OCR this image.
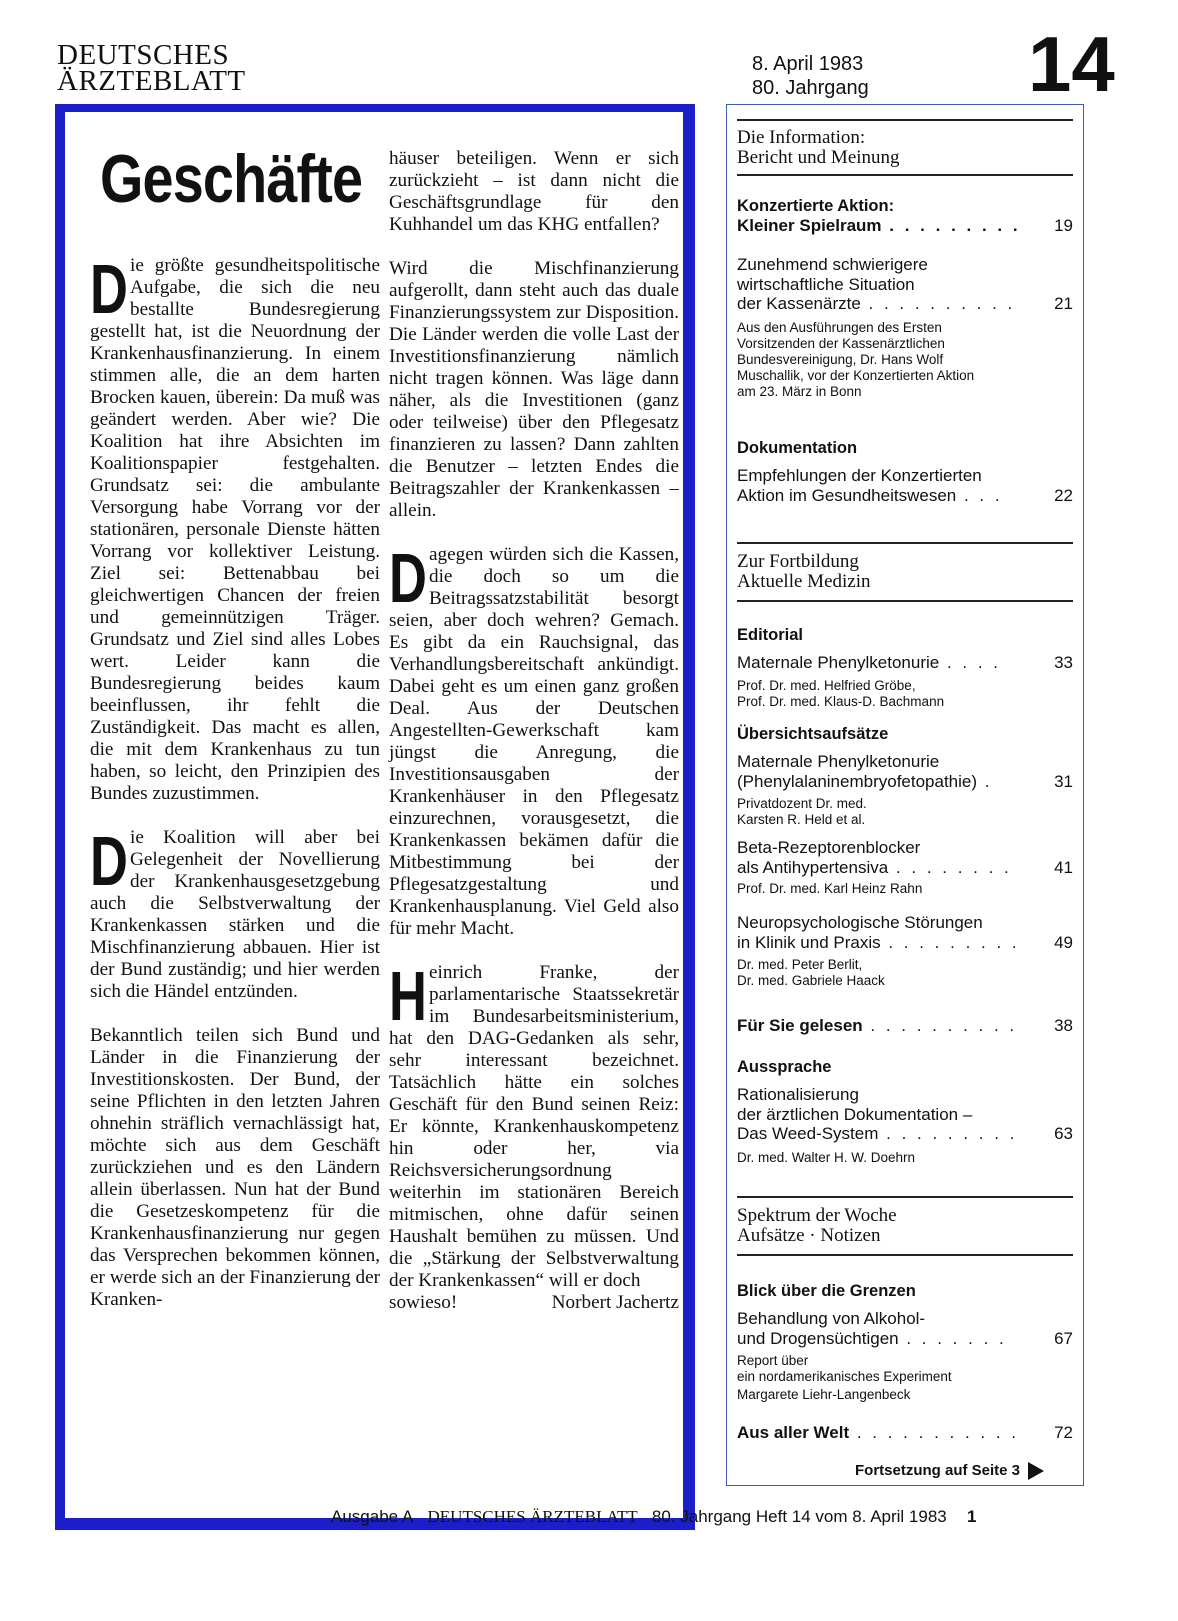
DEUTSCHES
ÄRZTEBLATT
8. April 1983
80. Jahrgang 14
Geschäfte

Die größte gesundheitspolitische Aufgabe, die sich die neu bestallte Bundesregierung gestellt hat, ist die Neuordnung der Krankenhausfinanzierung. In einem stimmen alle, die an dem harten Brocken kauen, überein: Da muß was geändert werden. Aber wie? Die Koalition hat ihre Absichten im Koalitionspapier festgehalten. Grundsatz sei: die ambulante Versorgung habe Vorrang vor der stationären, personale Dienste hätten Vorrang vor kollektiver Leistung. Ziel sei: Bettenabbau bei gleichwertigen Chancen der freien und gemeinnützigen Träger. Grundsatz und Ziel sind alles Lobes wert. Leider kann die Bundesregierung beides kaum beeinflussen, ihr fehlt die Zuständigkeit. Das macht es allen, die mit dem Krankenhaus zu tun haben, so leicht, den Prinzipien des Bundes zuzustimmen.

Die Koalition will aber bei Gelegenheit der Novellierung der Krankenhausgesetzgebung auch die Selbstverwaltung der Krankenkassen stärken und die Mischfinanzierung abbauen. Hier ist der Bund zuständig; und hier werden sich die Händel entzünden.

Bekanntlich teilen sich Bund und Länder in die Finanzierung der Investitionskosten. Der Bund, der seine Pflichten in den letzten Jahren ohnehin sträflich vernachlässigt hat, möchte sich aus dem Geschäft zurückziehen und es den Ländern allein überlassen. Nun hat der Bund die Gesetzeskompetenz für die Krankenhausfinanzierung nur gegen das Versprechen bekommen können, er werde sich an der Finanzierung der Kranken-

häuser beteiligen. Wenn er sich zurückzieht – ist dann nicht die Geschäftsgrundlage für den Kuhhandel um das KHG entfallen?

Wird die Mischfinanzierung aufgerollt, dann steht auch das duale Finanzierungssystem zur Disposition. Die Länder werden die volle Last der Investitionsfinanzierung nämlich nicht tragen können. Was läge dann näher, als die Investitionen (ganz oder teilweise) über den Pflegesatz finanzieren zu lassen? Dann zahlten die Benutzer – letzten Endes die Beitragszahler der Krankenkassen – allein.

Dagegen würden sich die Kassen, die doch so um die Beitragssatzstabilität besorgt seien, aber doch wehren? Gemach. Es gibt da ein Rauchsignal, das Verhandlungsbereitschaft ankündigt. Dabei geht es um einen ganz großen Deal. Aus der Deutschen Angestellten-Gewerkschaft kam jüngst die Anregung, die Investitionsausgaben der Krankenhäuser in den Pflegesatz einzurechnen, vorausgesetzt, die Krankenkassen bekämen dafür die Mitbestimmung bei der Pflegesatzgestaltung und Krankenhausplanung. Viel Geld also für mehr Macht.

Heinrich Franke, der parlamentarische Staatssekretär im Bundesarbeitsministerium, hat den DAG-Gedanken als sehr, sehr interessant bezeichnet. Tatsächlich hätte ein solches Geschäft für den Bund seinen Reiz: Er könnte, Krankenhauskompetenz hin oder her, via Reichsversicherungsordnung weiterhin im stationären Bereich mitmischen, ohne dafür seinen Haushalt bemühen zu müssen. Und die „Stärkung der Selbstverwaltung der Krankenkassen“ will er doch

sowieso!	Norbert Jachertz
Die Information:
Bericht und Meinung
Konzertierte Aktion:
Kleiner Spielraum . . . . . . . . . 19
Zunehmend schwierigere
wirtschaftliche Situation
der Kassenärzte . . . . . . . . . .	21
Aus den Ausführungen des Ersten Vorsitzenden der Kassenärztlichen Bundesvereinigung, Dr. Hans Wolf Muschallik, vor der Konzertierten Aktion am 23. März in Bonn
Dokumentation
Empfehlungen der Konzertierten
Aktion im Gesundheitswesen . . .	22
Zur Fortbildung
Aktuelle Medizin
Editorial
Maternale Phenylketonurie . . . .	33
Prof. Dr. med. Helfried Gröbe,
Prof. Dr. med. Klaus-D. Bachmann
Übersichtsaufsätze
Maternale Phenylketonurie
(Phenylalaninembryofetopathie) .	31
Privatdozent Dr. med.
Karsten R. Held et al.
Beta-Rezeptorenblocker
als Antihypertensiva . . . . . . . .	41
Prof. Dr. med. Karl Heinz Rahn
Neuropsychologische Störungen
in Klinik und Praxis . . . . . . . . .	49
Dr. med. Peter Berlit,
Dr. med. Gabriele Haack
Für Sie gelesen . . . . . . . . . . 38
Aussprache
Rationalisierung
der ärztlichen Dokumentation –
Das Weed-System . . . . . . . . .	63
Dr. med. Walter H. W. Doehrn
Spektrum der Woche
Aufsätze · Notizen
Blick über die Grenzen
Behandlung von Alkohol-
und Drogensüchtigen . . . . . . .	67
Report über
ein nordamerikanisches Experiment
Margarete Liehr-Langenbeck
Aus aller Welt . . . . . . . . . . . 72
Fortsetzung auf Seite 3
Ausgabe A DEUTSCHES ÄRZTEBLATT 80. Jahrgang Heft 14 vom 8. April 1983 1
